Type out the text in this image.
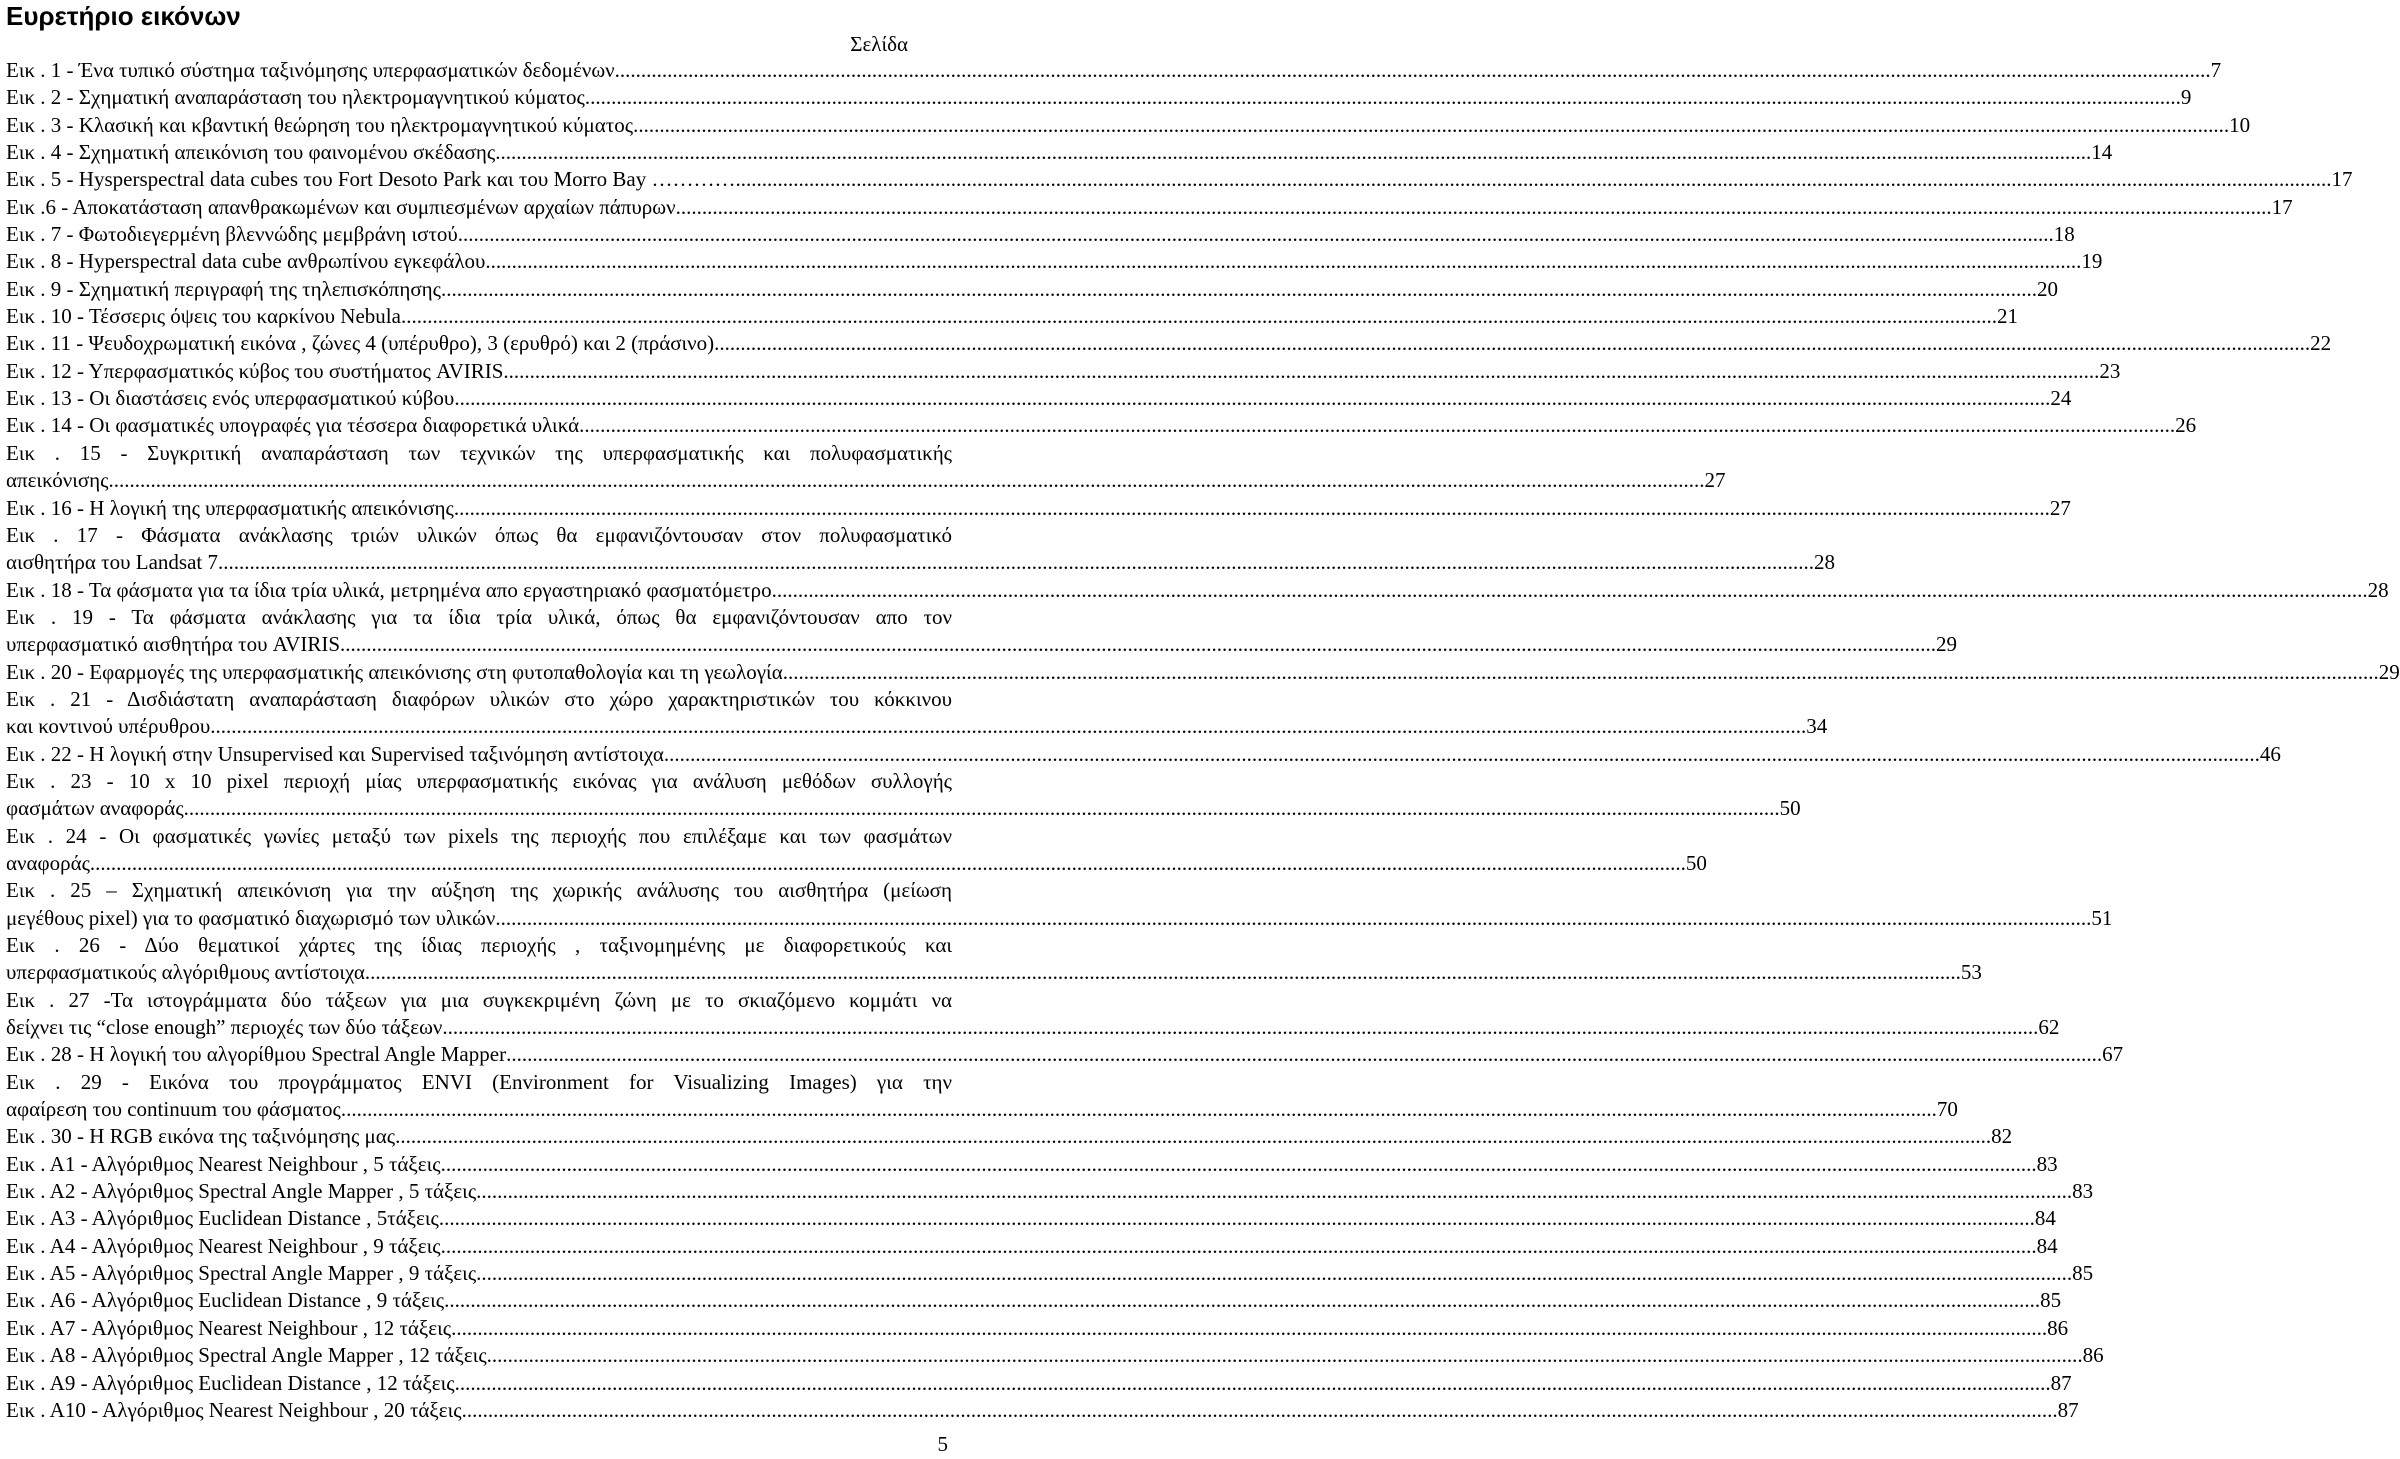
Ευρετήριο εικόνων
Σελίδα
Εικ . 1 - Ένα τυπικό σύστημα ταξινόμησης υπερφασματικών δεδομένων .....	7
Εικ . 2 - Σχηματική αναπαράσταση του ηλεκτρομαγνητικού κύματος .....	9
Εικ . 3 - Κλασική και κβαντική θεώρηση του ηλεκτρομαγνητικού κύματος .....	10
Εικ . 4 - Σχηματική απεικόνιση του φαινομένου σκέδασης .....	14
Εικ . 5 - Hysperspectral data cubes του Fort Desoto Park και του Morro Bay ………… .....	17
Εικ .6 - Αποκατάσταση απανθρακωμένων και συμπιεσμένων αρχαίων πάπυρων .....	17
Εικ . 7 - Φωτοδιεγερμένη βλεννώδης μεμβράνη ιστού .....	18
Εικ . 8 - Hyperspectral data cube ανθρωπίνου εγκεφάλου .....	19
Εικ . 9 - Σχηματική περιγραφή της τηλεπισκόπησης .....	20
Εικ . 10 - Τέσσερις όψεις του καρκίνου Nebula .....	21
Εικ . 11 - Ψευδοχρωματική εικόνα , ζώνες 4 (υπέρυθρο), 3 (ερυθρό) και 2 (πράσινο) .....	22
Εικ . 12 - Υπερφασματικός κύβος του συστήματος AVIRIS .....	23
Εικ . 13 - Οι διαστάσεις ενός υπερφασματικού κύβου .....	24
Εικ . 14 - Οι φασματικές υπογραφές για τέσσερα διαφορετικά υλικά .....	26
Εικ . 15 - Συγκριτική αναπαράσταση των τεχνικών της υπερφασματικής και πολυφασματικής
απεικόνισης .....	27
Εικ . 16 - Η λογική της υπερφασματικής απεικόνισης .....	27
Εικ . 17 - Φάσματα ανάκλασης τριών υλικών όπως θα εμφανιζόντουσαν στον πολυφασματικό
αισθητήρα του Landsat 7 .....	28
Εικ . 18 - Τα φάσματα για τα ίδια τρία υλικά, μετρημένα απο εργαστηριακό φασματόμετρο .....	28
Εικ . 19 - Τα φάσματα ανάκλασης για τα ίδια τρία υλικά, όπως θα εμφανιζόντουσαν απο τον
υπερφασματικό αισθητήρα του AVIRIS .....	29
Εικ . 20 - Εφαρμογές της υπερφασματικής απεικόνισης στη φυτοπαθολογία και τη γεωλογία .....	29
Εικ . 21 - Δισδιάστατη αναπαράσταση διαφόρων υλικών στο χώρο χαρακτηριστικών του κόκκινου
και κοντινού υπέρυθρου .....	34
Εικ . 22 - Η λογική στην Unsupervised και Supervised ταξινόμηση αντίστοιχα .....	46
Εικ . 23 - 10 x 10 pixel περιοχή μίας υπερφασματικής εικόνας για ανάλυση μεθόδων συλλογής
φασμάτων αναφοράς .....	50
Εικ . 24 - Οι φασματικές γωνίες μεταξύ των pixels της περιοχής που επιλέξαμε και των φασμάτων
αναφοράς .....	50
Εικ . 25 – Σχηματική απεικόνιση για την αύξηση της χωρικής ανάλυσης του αισθητήρα (μείωση
μεγέθους pixel) για το φασματικό διαχωρισμό των υλικών .....	51
Εικ . 26 - Δύο θεματικοί χάρτες της ίδιας περιοχής , ταξινομημένης με διαφορετικούς και
υπερφασματικούς αλγόριθμους αντίστοιχα .....	53
Εικ . 27 -Τα ιστογράμματα δύο τάξεων για μια συγκεκριμένη ζώνη με το σκιαζόμενο κομμάτι να
δείχνει τις “close enough” περιοχές των δύο τάξεων .....	62
Εικ . 28 - Η λογική του αλγορίθμου Spectral Angle Mapper .....	67
Εικ . 29 - Εικόνα του προγράμματος ENVI (Environment for Visualizing Images) για την
αφαίρεση του continuum του φάσματος .....	70
Εικ . 30 - Η RGB εικόνα της ταξινόμησης μας .....	82
Εικ . Α1 - Αλγόριθμος Nearest Neighbour , 5 τάξεις .....	83
Εικ . Α2 - Αλγόριθμος Spectral Angle Mapper , 5 τάξεις .....	83
Εικ . Α3 - Αλγόριθμος Euclidean Distance , 5τάξεις .....	84
Εικ . Α4 - Αλγόριθμος Nearest Neighbour , 9 τάξεις .....	84
Εικ . Α5 - Αλγόριθμος Spectral Angle Mapper , 9 τάξεις .....	85
Εικ . Α6 - Αλγόριθμος Euclidean Distance , 9 τάξεις .....	85
Εικ . Α7 - Αλγόριθμος Nearest Neighbour , 12 τάξεις .....	86
Εικ . Α8 - Αλγόριθμος Spectral Angle Mapper , 12 τάξεις .....	86
Εικ . Α9 - Αλγόριθμος Euclidean Distance , 12 τάξεις .....	87
Εικ . Α10 - Αλγόριθμος Nearest Neighbour , 20 τάξεις .....	87
5
